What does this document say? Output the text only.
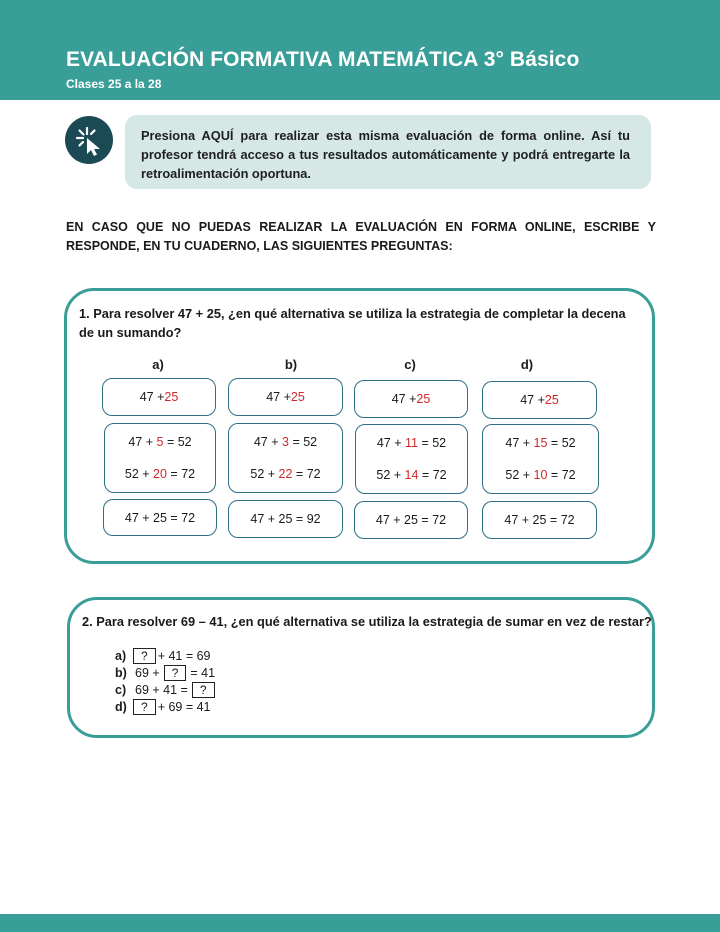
EVALUACIÓN FORMATIVA MATEMÁTICA 3° Básico
Clases 25 a la 28

Presiona AQUÍ para realizar esta misma evaluación de forma online. Así tu profesor tendrá acceso a tus resultados automáticamente y podrá entregarte la retroalimentación oportuna.

EN CASO QUE NO PUEDAS REALIZAR LA EVALUACIÓN EN FORMA ONLINE, ESCRIBE Y RESPONDE, EN TU CUADERNO, LAS SIGUIENTES PREGUNTAS:
1. Para resolver 47 + 25, ¿en qué alternativa se utiliza la estrategia de completar la decena de un sumando?
a)	b)	c)	d)
47 + 25
47 + 5 = 52
52 + 20 = 72
47 + 25 = 72
47 + 25
47 + 3 = 52
52 + 22 = 72
47 + 25 = 92
47 + 25
47 + 11 = 52
52 + 14 = 72
47 + 25 = 72
47 + 25
47 + 15 = 52
52 + 10 = 72
47 + 25 = 72
2. Para resolver 69 – 41, ¿en qué alternativa se utiliza la estrategia de sumar en vez de restar?
a)	? + 41 = 69
b) 69 +	? = 41
c) 69 + 41 =	?
d)	? + 69 = 41
